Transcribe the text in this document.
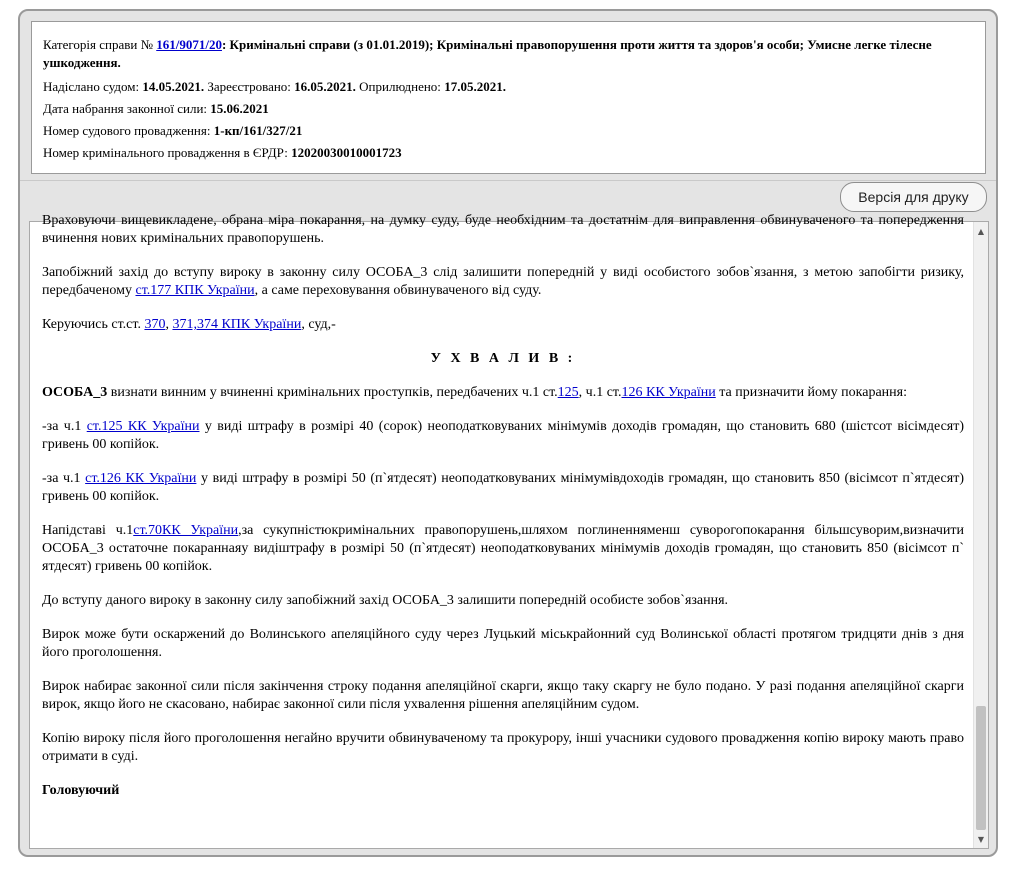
Категорія справи № 161/9071/20: Кримінальні справи (з 01.01.2019); Кримінальні правопорушення проти життя та здоров'я особи; Умисне легке тілесне ушкодження.
Надіслано судом: 14.05.2021. Зареєстровано: 16.05.2021. Оприлюднено: 17.05.2021.
Дата набрання законної сили: 15.06.2021
Номер судового провадження: 1-кп/161/327/21
Номер кримінального провадження в ЄРДР: 12020030010001723
Версія для друку

Враховуючи вищевикладене, обрана міра покарання, на думку суду, буде необхідним та достатнім для виправлення обвинуваченого та попередження вчинення нових кримінальних правопорушень.

Запобіжний захід до вступу вироку в законну силу ОСОБА_3 слід залишити попередній у виді особистого зобов`язання, з метою запобігти ризику, передбаченому ст.177 КПК України, а саме переховування обвинуваченого від суду.

Керуючись ст.ст. 370, 371,374 КПК України, суд,-

У Х В А Л И В :

ОСОБА_3 визнати винним у вчиненні кримінальних проступків, передбачених ч.1 ст.125, ч.1 ст.126 КК України та призначити йому покарання:

-за ч.1 ст.125 КК України у виді штрафу в розмірі 40 (сорок) неоподатковуваних мінімумів доходів громадян, що становить 680 (шістсот вісімдесят) гривень 00 копійок.

-за ч.1 ст.126 КК України у виді штрафу в розмірі 50 (п`ятдесят) неоподатковуваних мінімумівдоходів громадян, що становить 850 (вісімсот п`ятдесят) гривень 00 копійок.

Напідставі ч.1ст.70КК України,за сукупністюкримінальних правопорушень,шляхом поглиненняменш суворогопокарання більшсуворим,визначити ОСОБА_3 остаточне покараннаяу видіштрафу в розмірі 50 (п`ятдесят) неоподатковуваних мінімумів доходів громадян, що становить 850 (вісімсот п` ятдесят) гривень 00 копійок.

До вступу даного вироку в законну силу запобіжний захід ОСОБА_3 залишити попередній особисте зобов`язання.

Вирок може бути оскаржений до Волинського апеляційного суду через Луцький міськрайонний суд Волинської області протягом тридцяти днів з дня його проголошення.

Вирок набирає законної сили після закінчення строку подання апеляційної скарги, якщо таку скаргу не було подано. У разі подання апеляційної скарги вирок, якщо його не скасовано, набирає законної сили після ухвалення рішення апеляційним судом.

Копію вироку після його проголошення негайно вручити обвинуваченому та прокурору, інші учасники судового провадження копію вироку мають право отримати в суді.

Головуючий

▲
▼
